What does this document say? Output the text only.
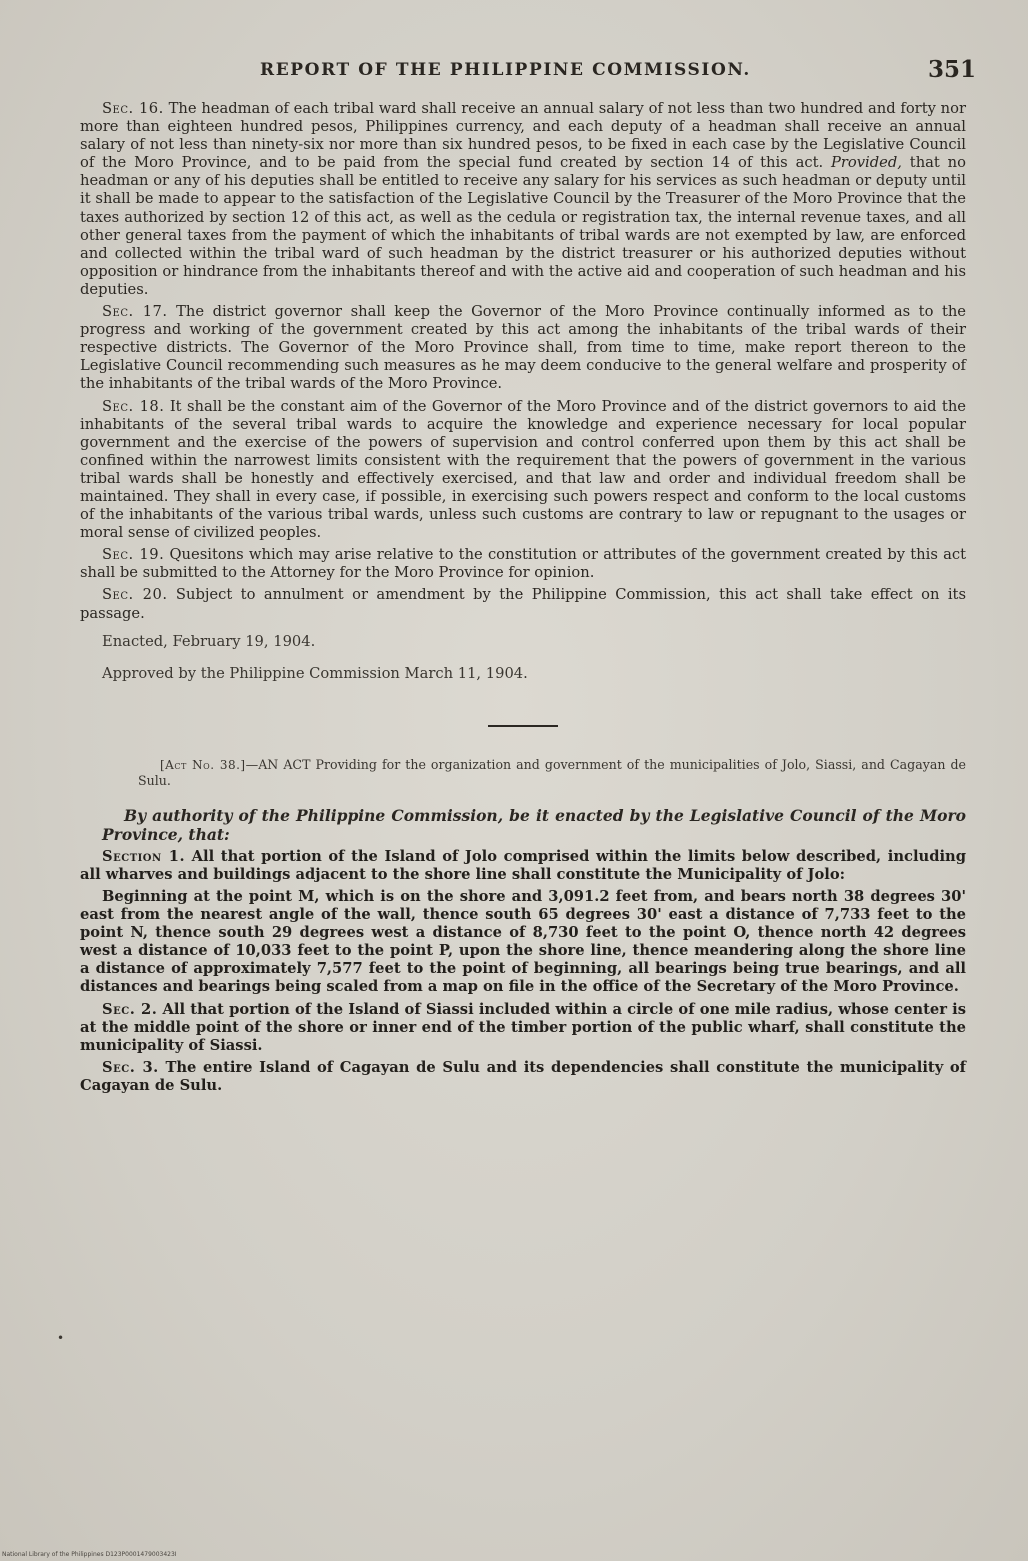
REPORT OF THE PHILIPPINE COMMISSION.	351

Sec. 16. The headman of each tribal ward shall receive an annual salary of not less than two hundred and forty nor more than eighteen hundred pesos, Philippines currency, and each deputy of a headman shall receive an annual salary of not less than ninety-six nor more than six hundred pesos, to be fixed in each case by the Legislative Council of the Moro Province, and to be paid from the special fund created by section 14 of this act. Provided, that no headman or any of his deputies shall be entitled to receive any salary for his services as such headman or deputy until it shall be made to appear to the satisfaction of the Legislative Council by the Treasurer of the Moro Province that the taxes authorized by section 12 of this act, as well as the cedula or registration tax, the internal revenue taxes, and all other general taxes from the payment of which the inhabitants of tribal wards are not exempted by law, are enforced and collected within the tribal ward of such headman by the district treasurer or his authorized deputies without opposition or hindrance from the inhabitants thereof and with the active aid and cooperation of such headman and his deputies.

Sec. 17. The district governor shall keep the Governor of the Moro Province continually informed as to the progress and working of the government created by this act among the inhabitants of the tribal wards of their respective districts. The Governor of the Moro Province shall, from time to time, make report thereon to the Legislative Council recommending such measures as he may deem conducive to the general welfare and prosperity of the inhabitants of the tribal wards of the Moro Province.

Sec. 18. It shall be the constant aim of the Governor of the Moro Province and of the district governors to aid the inhabitants of the several tribal wards to acquire the knowledge and experience necessary for local popular government and the exercise of the powers of supervision and control conferred upon them by this act shall be confined within the narrowest limits consistent with the requirement that the powers of government in the various tribal wards shall be honestly and effectively exercised, and that law and order and individual freedom shall be maintained. They shall in every case, if possible, in exercising such powers respect and conform to the local customs of the inhabitants of the various tribal wards, unless such customs are contrary to law or repugnant to the usages or moral sense of civilized peoples.

Sec. 19. Quesitons which may arise relative to the constitution or attributes of the government created by this act shall be submitted to the Attorney for the Moro Province for opinion.

Sec. 20. Subject to annulment or amendment by the Philippine Commission, this act shall take effect on its passage.

Enacted, February 19, 1904.

Approved by the Philippine Commission March 11, 1904.

[Act No. 38.]—AN ACT Providing for the organization and government of the municipalities of Jolo, Siassi, and Cagayan de Sulu.

By authority of the Philippine Commission, be it enacted by the Legislative Council of the Moro Province, that:

Section 1. All that portion of the Island of Jolo comprised within the limits below described, including all wharves and buildings adjacent to the shore line shall constitute the Municipality of Jolo:

Beginning at the point M, which is on the shore and 3,091.2 feet from, and bears north 38 degrees 30' east from the nearest angle of the wall, thence south 65 degrees 30' east a distance of 7,733 feet to the point N, thence south 29 degrees west a distance of 8,730 feet to the point O, thence north 42 degrees west a distance of 10,033 feet to the point P, upon the shore line, thence meandering along the shore line a distance of approximately 7,577 feet to the point of beginning, all bearings being true bearings, and all distances and bearings being scaled from a map on file in the office of the Secretary of the Moro Province.

Sec. 2. All that portion of the Island of Siassi included within a circle of one mile radius, whose center is at the middle point of the shore or inner end of the timber portion of the public wharf, shall constitute the municipality of Siassi.

Sec. 3. The entire Island of Cagayan de Sulu and its dependencies shall constitute the municipality of Cagayan de Sulu.

•
National Library of the Philippines D123P0001479003423I
